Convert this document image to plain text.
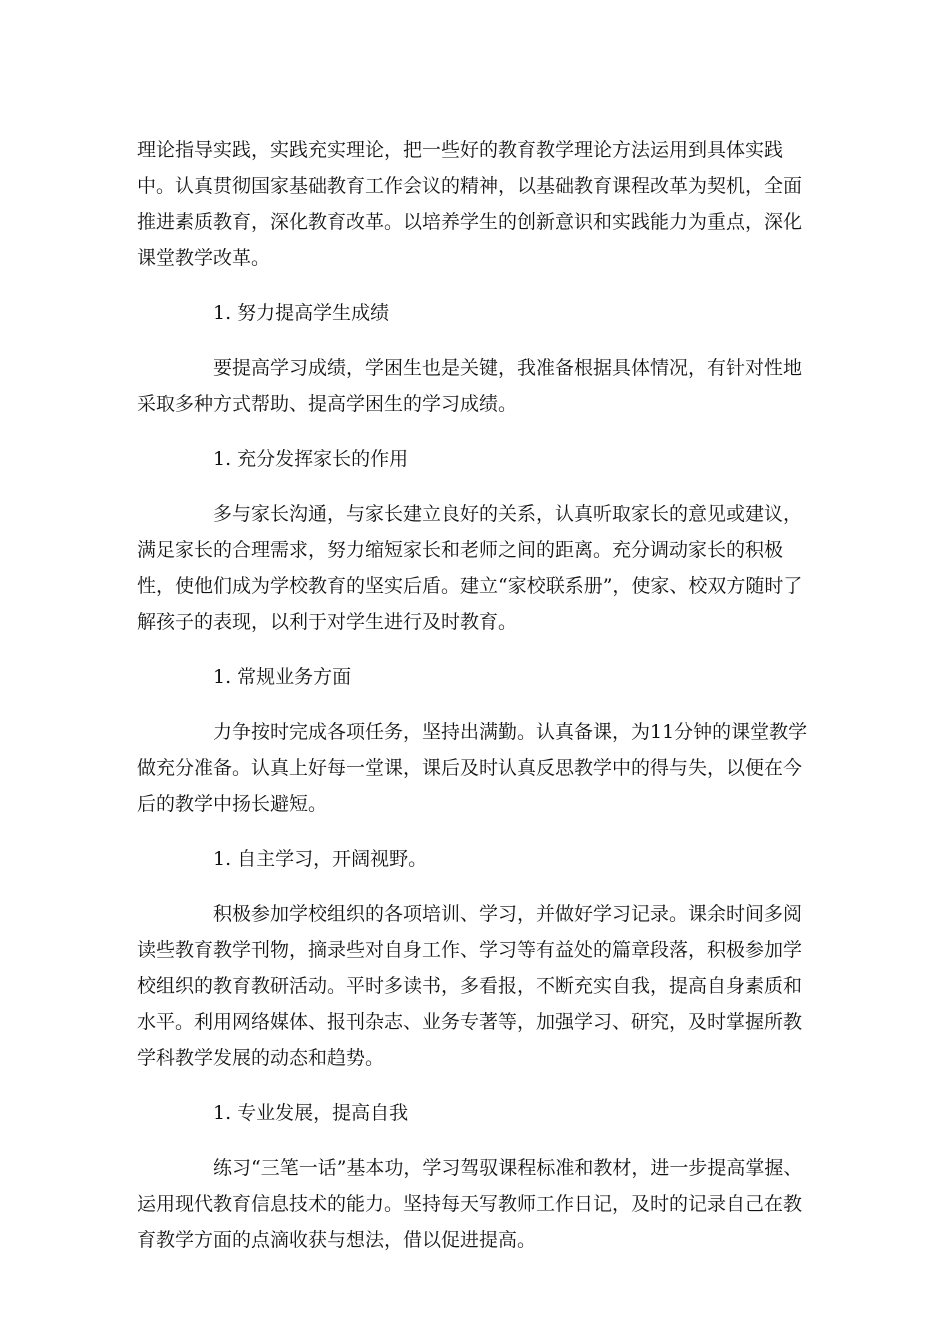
理论指导实践，实践充实理论，把一些好的教育教学理论方法运用到具体实践中。认真贯彻国家基础教育工作会议的精神，以基础教育课程改革为契机，全面推进素质教育，深化教育改革。以培养学生的创新意识和实践能力为重点，深化课堂教学改革。

1. 努力提高学生成绩

要提高学习成绩，学困生也是关键，我准备根据具体情况，有针对性地采取多种方式帮助、提高学困生的学习成绩。

1. 充分发挥家长的作用

多与家长沟通，与家长建立良好的关系，认真听取家长的意见或建议，满足家长的合理需求，努力缩短家长和老师之间的距离。充分调动家长的积极性，使他们成为学校教育的坚实后盾。建立“家校联系册”，使家、校双方随时了解孩子的表现，以利于对学生进行及时教育。

1. 常规业务方面

力争按时完成各项任务，坚持出满勤。认真备课，为11分钟的课堂教学做充分准备。认真上好每一堂课，课后及时认真反思教学中的得与失，以便在今后的教学中扬长避短。

1. 自主学习，开阔视野。

积极参加学校组织的各项培训、学习，并做好学习记录。课余时间多阅读些教育教学刊物，摘录些对自身工作、学习等有益处的篇章段落，积极参加学校组织的教育教研活动。平时多读书，多看报，不断充实自我，提高自身素质和水平。利用网络媒体、报刊杂志、业务专著等，加强学习、研究，及时掌握所教学科教学发展的动态和趋势。

1. 专业发展，提高自我

练习“三笔一话”基本功，学习驾驭课程标准和教材，进一步提高掌握、运用现代教育信息技术的能力。坚持每天写教师工作日记，及时的记录自己在教育教学方面的点滴收获与想法，借以促进提高。
